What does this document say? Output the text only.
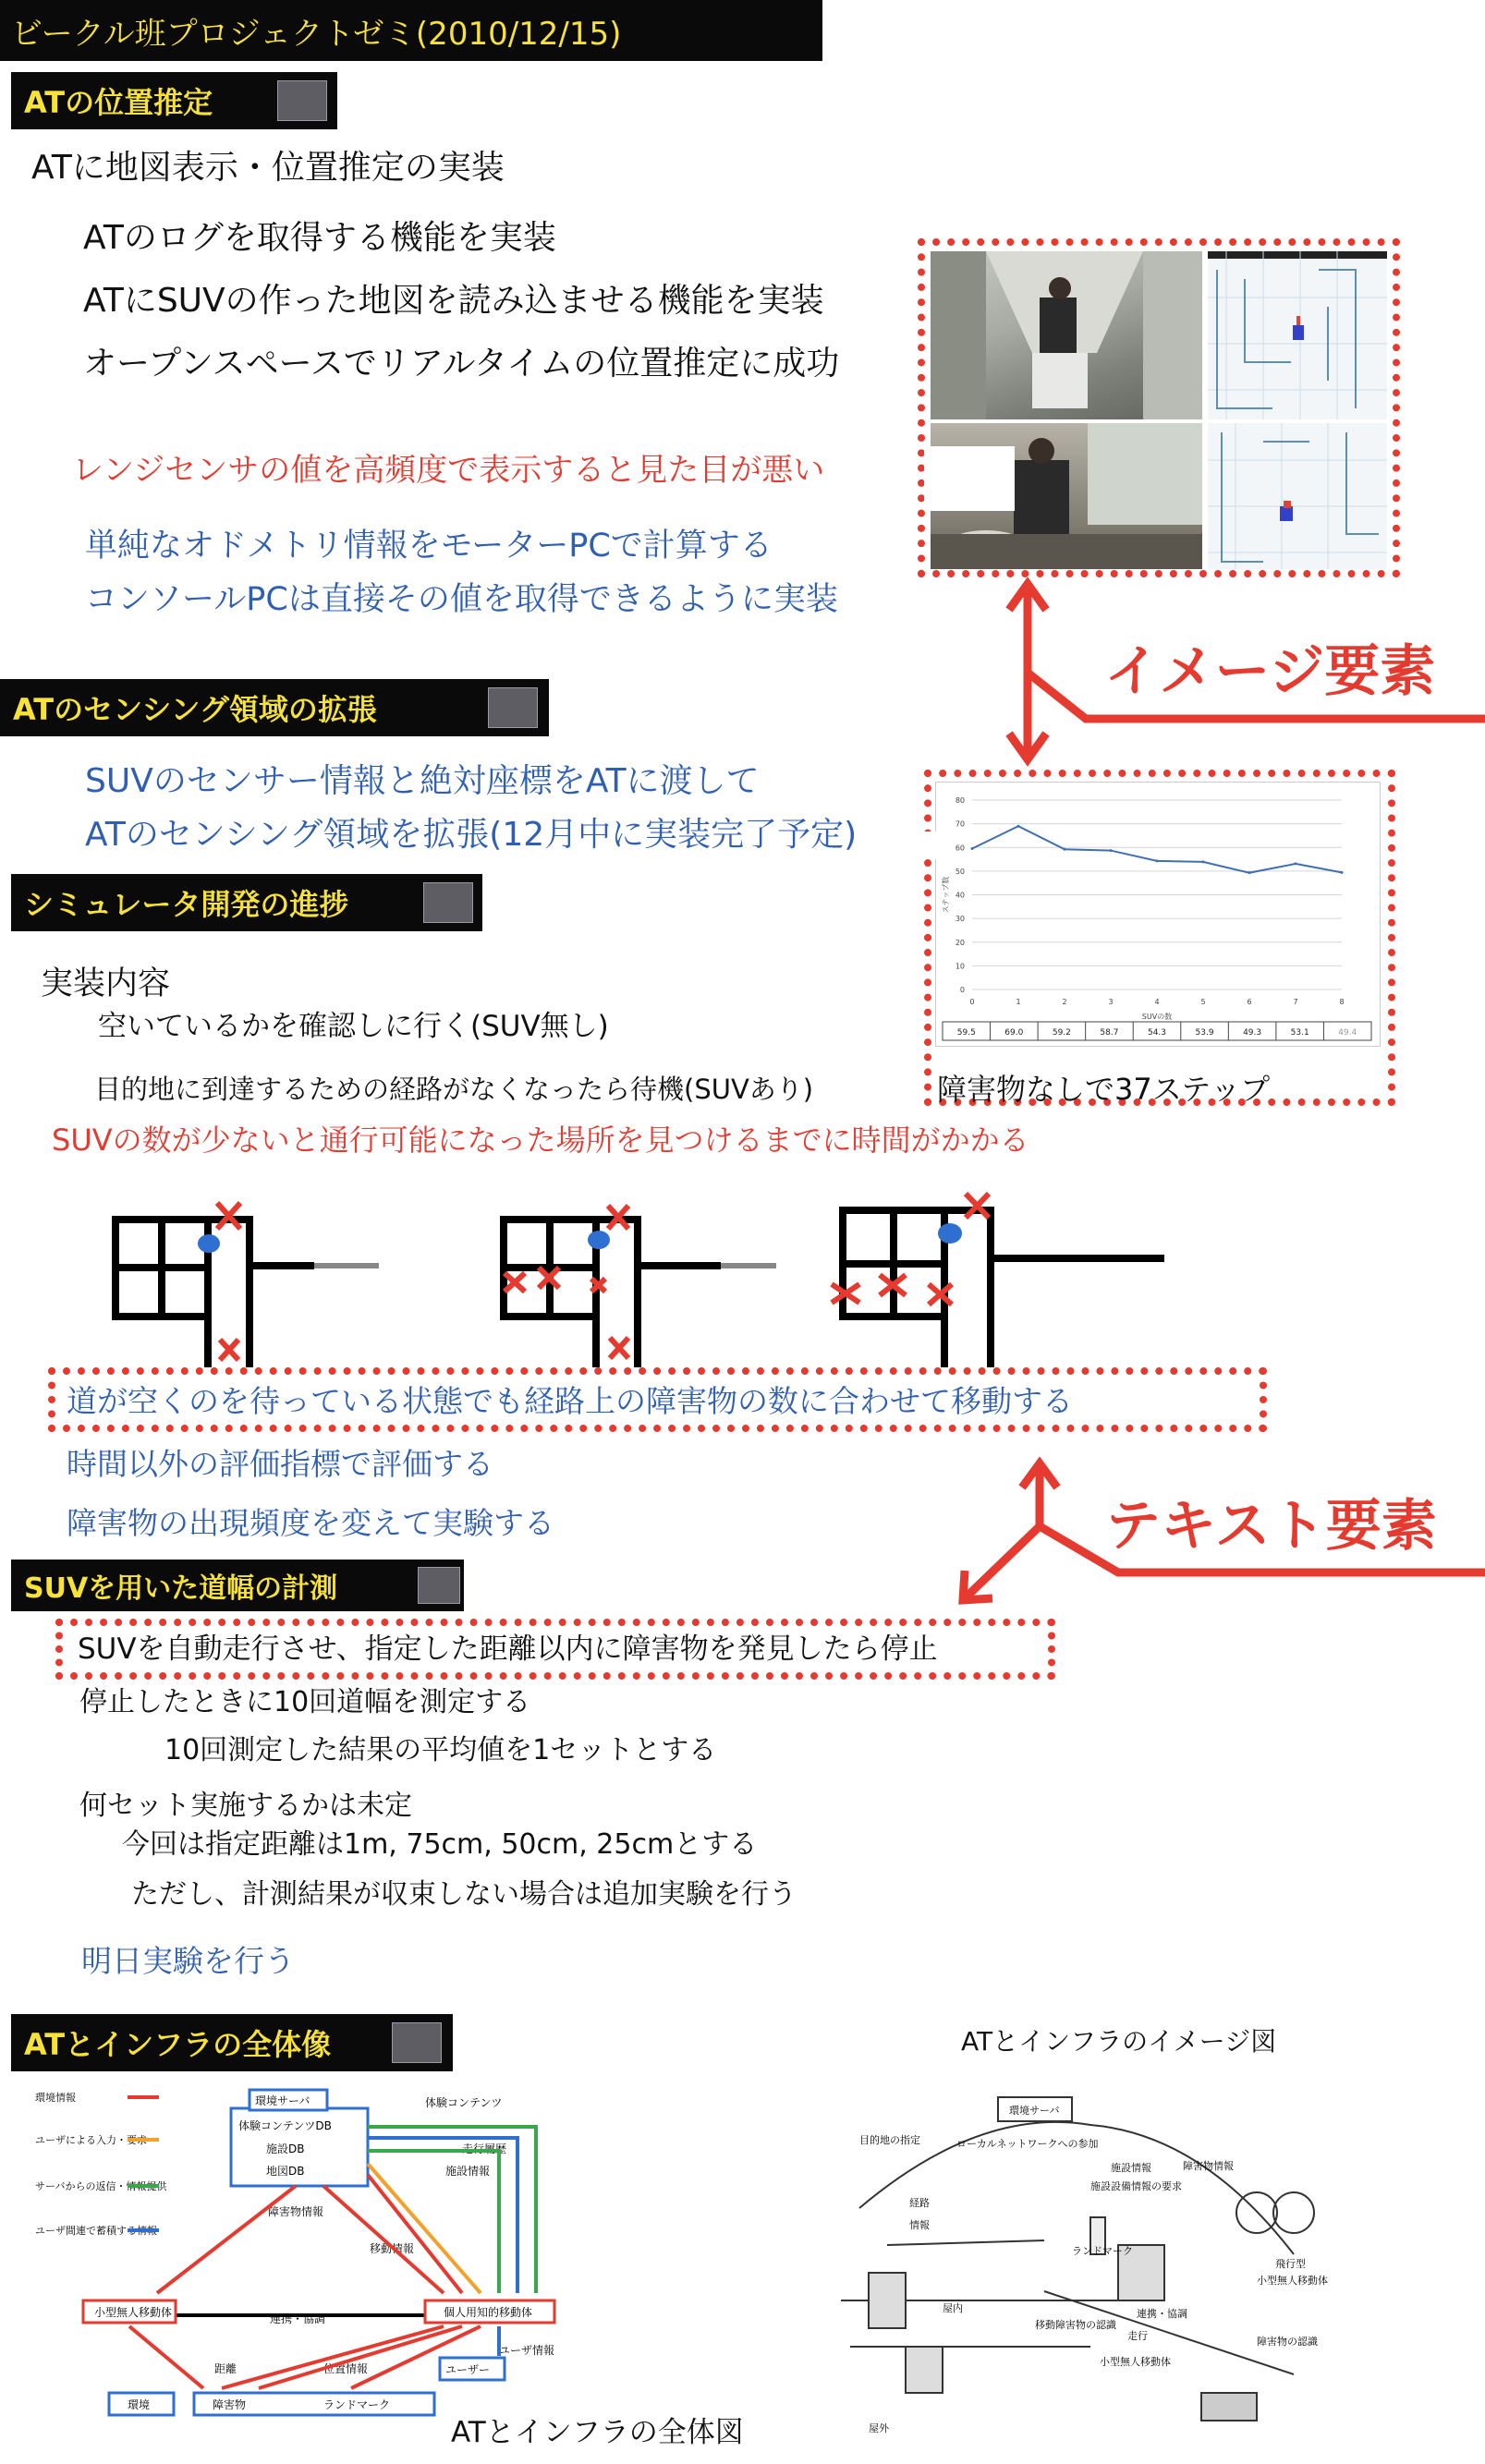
ビークル班プロジェクトゼミ(2010/12/15)
ATの位置推定
ATに地図表示・位置推定の実装
ATのログを取得する機能を実装
ATにSUVの作った地図を読み込ませる機能を実装
オープンスペースでリアルタイムの位置推定に成功
レンジセンサの値を高頻度で表示すると見た目が悪い
単純なオドメトリ情報をモーターPCで計算する
コンソールPCは直接その値を取得できるように実装
イメージ要素
ATのセンシング領域の拡張
SUVのセンサー情報と絶対座標をATに渡して
ATのセンシング領域を拡張(12月中に実装完了予定)
0
10
20
30
40
50
60
70
80
0	1	2	3	4	5	6	7	8
SUVの数
ステップ数
59.5	69.0	59.2	58.7	54.3	53.9	49.3	53.1	49.4
障害物なしで37ステップ
シミュレータ開発の進捗
実装内容
空いているかを確認しに行く(SUV無し)
目的地に到達するための経路がなくなったら待機(SUVあり)
SUVの数が少ないと通行可能になった場所を見つけるまでに時間がかかる
道が空くのを待っている状態でも経路上の障害物の数に合わせて移動する
時間以外の評価指標で評価する
障害物の出現頻度を変えて実験する	テキスト要素
SUVを用いた道幅の計測
SUVを自動走行させ、指定した距離以内に障害物を発見したら停止
停止したときに10回道幅を測定する
10回測定した結果の平均値を1セットとする
何セット実施するかは未定
今回は指定距離は1m, 75cm, 50cm, 25cmとする
ただし、計測結果が収束しない場合は追加実験を行う
明日実験を行う
ATとインフラの全体像	ATとインフラのイメージ図
ATとインフラの全体図
環境情報
ユーザによる入力・要求
サーバからの返信・情報提供
ユーザ間連で蓄積する情報
環境サーバ
体験コンテンツDB
施設DB
地図DB
体験コンテンツ
走行履歴
施設情報
障害物情報
移動情報
連携・協調
ユーザ情報
距離	位置情報
小型無人移動体	個人用知的移動体
ユーザー
環境	障害物	ランドマーク
環境サーバ
目的地の指定	ローカルネットワークへの参加
施設情報
施設設備情報の要求
障害物情報
経路
情報
ランドマーク
飛行型
小型無人移動体
屋内
移動障害物の認識
連携・協調
走行	障害物の認識
小型無人移動体
屋外
